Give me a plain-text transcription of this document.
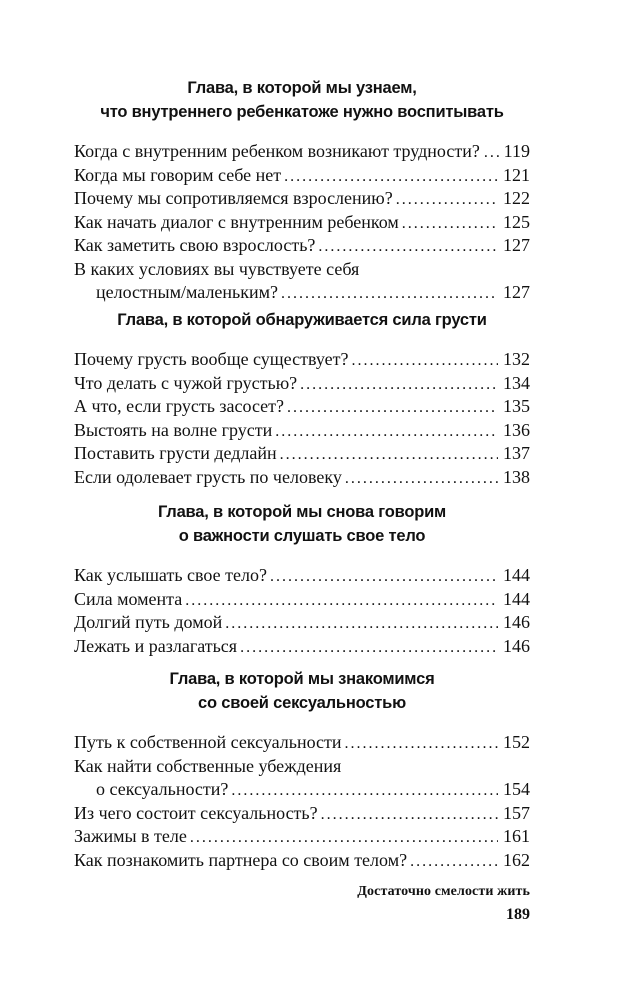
Глава, в которой мы узнаем,
что внутреннего ребенкатоже нужно воспитывать
Когда с внутренним ребенком возникают трудности? . . . 119
Когда мы говорим себе нет . . .	121
Почему мы сопротивляемся взрослению? . . .	122
Как начать диалог с внутренним ребенком . . .	125
Как заметить свою взрослость? . . .	127
В каких условиях вы чувствуете себя
целостным/маленьким? . . .	127
Глава, в которой обнаруживается сила грусти
Почему грусть вообще существует? . . .	132
Что делать с чужой грустью? . . .	134
А что, если грусть засосет? . . .	135
Выстоять на волне грусти . . .	136
Поставить грусти дедлайн . . .	137
Если одолевает грусть по человеку . . .	138
Глава, в которой мы снова говорим
о важности слушать свое тело
Как услышать свое тело? . . .	144
Сила момента . . .	144
Долгий путь домой . . .	146
Лежать и разлагаться . . .	146
Глава, в которой мы знакомимся
со своей сексуальностью
Путь к собственной сексуальности . . .	152
Как найти собственные убеждения
о сексуальности? . . .	154
Из чего состоит сексуальность? . . .	157
Зажимы в теле . . .	161
Как познакомить партнера со своим телом? . . .	162
Достаточно смелости жить
189
